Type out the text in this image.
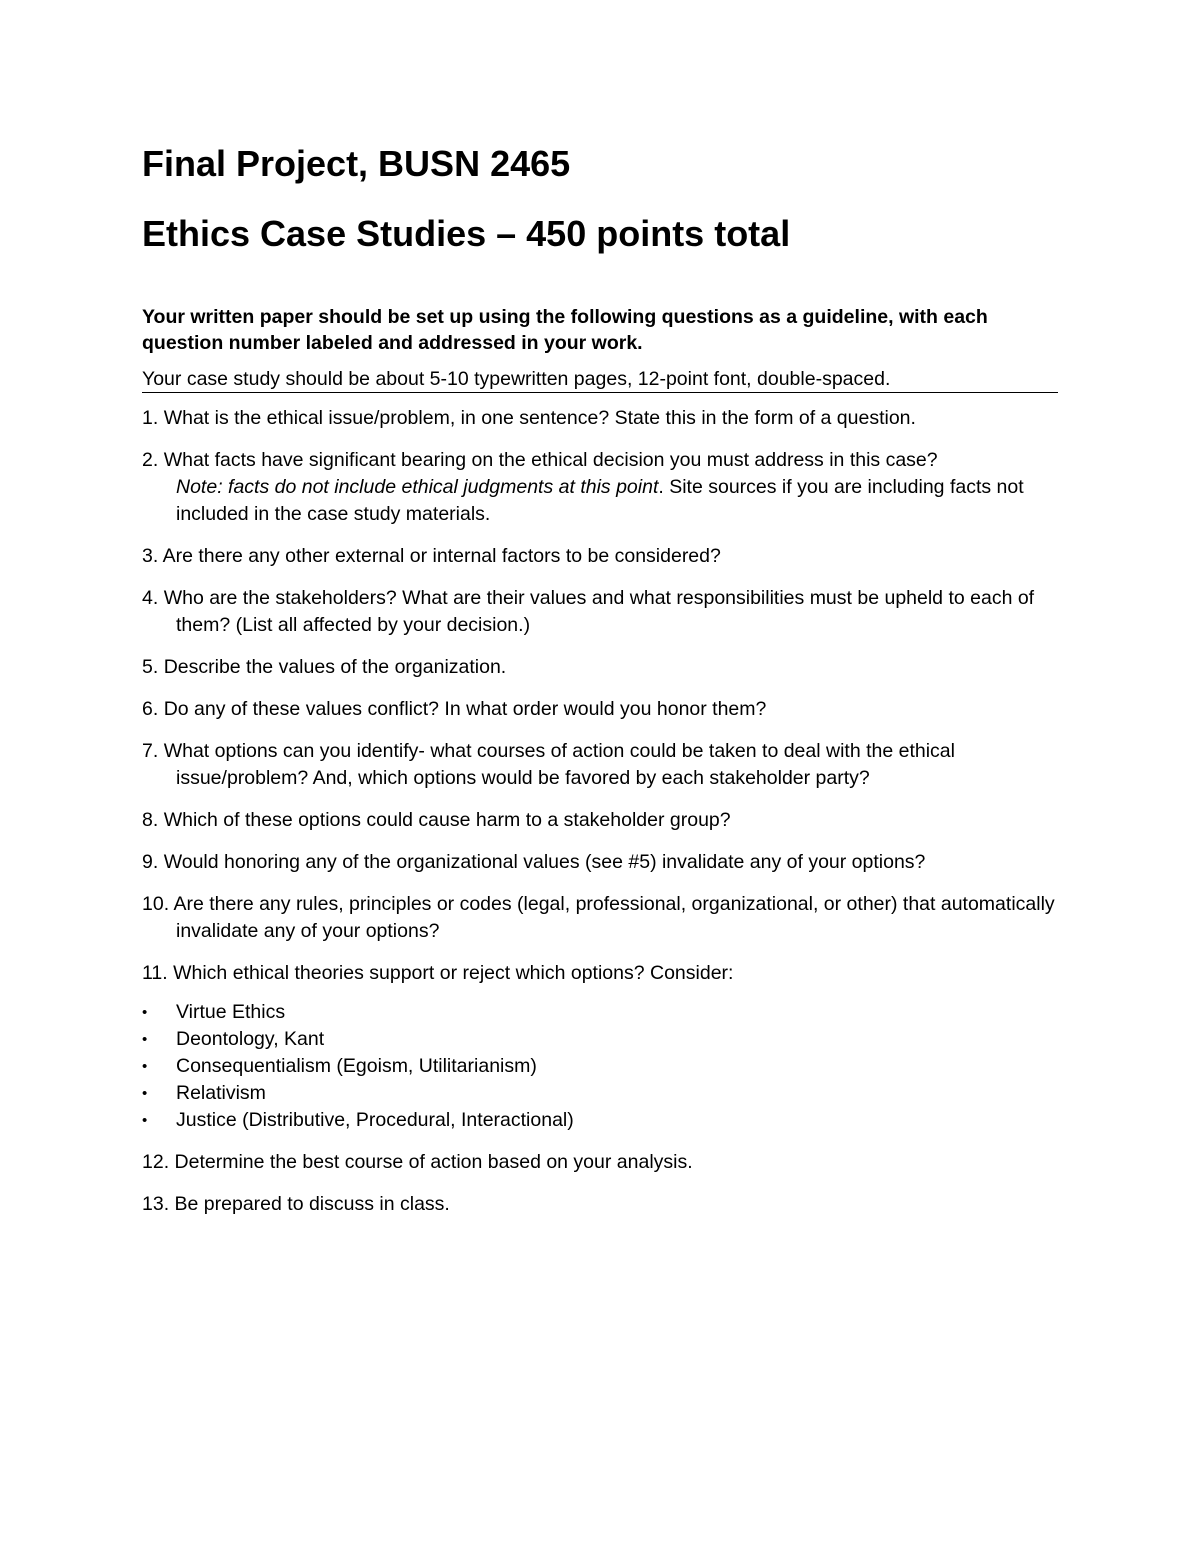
Final Project, BUSN 2465
Ethics Case Studies – 450 points total

Your written paper should be set up using the following questions as a guideline, with each question number labeled and addressed in your work.

Your case study should be about 5-10 typewritten pages, 12-point font, double-spaced.
1. What is the ethical issue/problem, in one sentence? State this in the form of a question.
2. What facts have significant bearing on the ethical decision you must address in this case?
Note: facts do not include ethical judgments at this point. Site sources if you are including facts not included in the case study materials.
3. Are there any other external or internal factors to be considered?
4. Who are the stakeholders? What are their values and what responsibilities must be upheld to each of them? (List all affected by your decision.)
5. Describe the values of the organization.
6. Do any of these values conflict? In what order would you honor them?
7. What options can you identify- what courses of action could be taken to deal with the ethical issue/problem? And, which options would be favored by each stakeholder party?
8. Which of these options could cause harm to a stakeholder group?
9. Would honoring any of the organizational values (see #5) invalidate any of your options?
10. Are there any rules, principles or codes (legal, professional, organizational, or other) that automatically invalidate any of your options?
11. Which ethical theories support or reject which options? Consider:
•	Virtue Ethics
•	Deontology, Kant
•	Consequentialism (Egoism, Utilitarianism)
•	Relativism
•	Justice (Distributive, Procedural, Interactional)
12. Determine the best course of action based on your analysis.
13. Be prepared to discuss in class.
